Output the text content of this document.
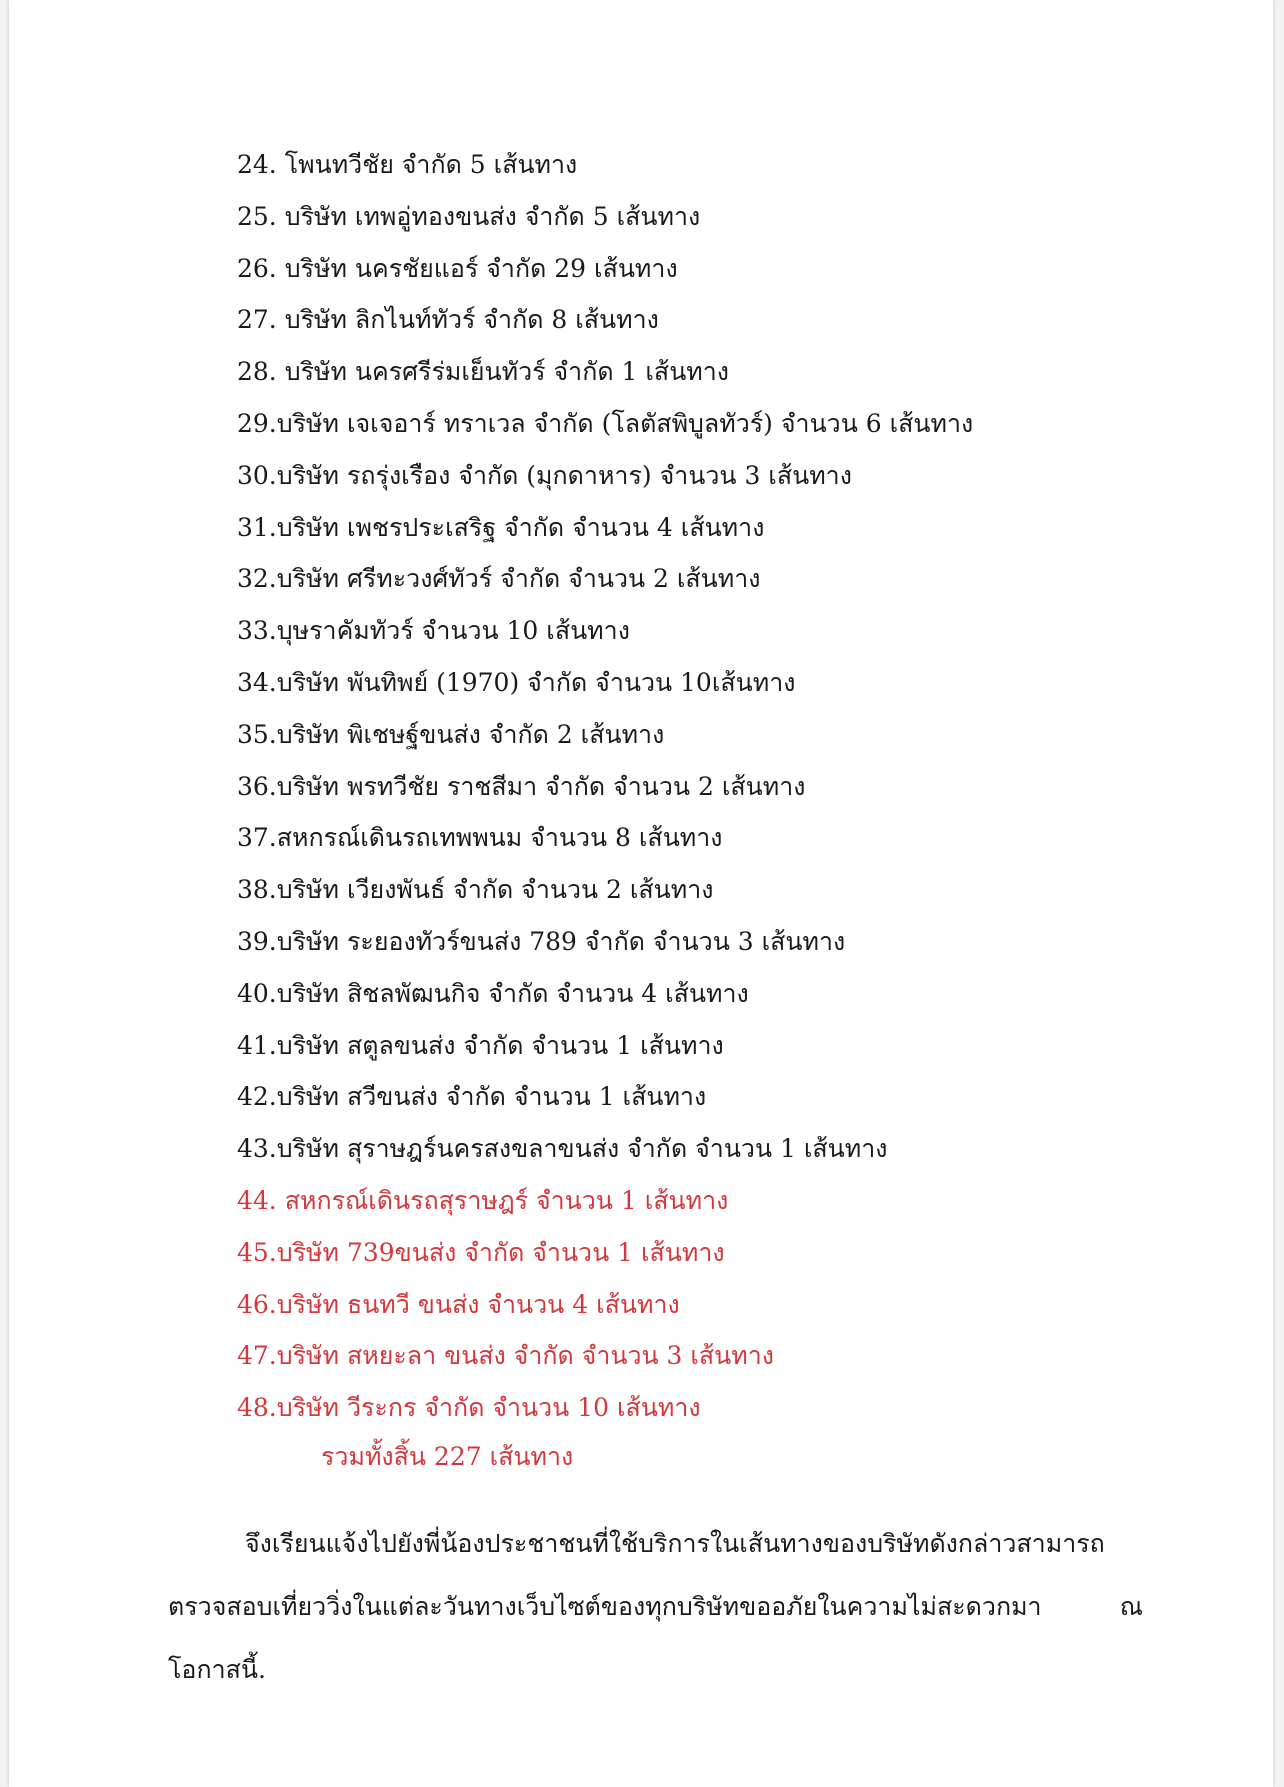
24. โพนทวีชัย จำกัด 5 เส้นทาง
25. บริษัท เทพอู่ทองขนส่ง จำกัด 5 เส้นทาง
26. บริษัท นครชัยแอร์ จำกัด 29 เส้นทาง
27. บริษัท ลิกไนท์ทัวร์ จำกัด 8 เส้นทาง
28. บริษัท นครศรีร่มเย็นทัวร์ จำกัด 1 เส้นทาง
29.บริษัท เจเจอาร์ ทราเวล จำกัด (โลตัสพิบูลทัวร์) จำนวน 6 เส้นทาง
30.บริษัท รถรุ่งเรือง จำกัด (มุกดาหาร) จำนวน 3 เส้นทาง
31.บริษัท เพชรประเสริฐ จำกัด จำนวน 4 เส้นทาง
32.บริษัท ศรีทะวงศ์ทัวร์ จำกัด จำนวน 2 เส้นทาง
33.บุษราคัมทัวร์ จำนวน 10 เส้นทาง
34.บริษัท พันทิพย์ (1970) จำกัด จำนวน 10เส้นทาง
35.บริษัท พิเชษฐ์ขนส่ง จำกัด 2 เส้นทาง
36.บริษัท พรทวีชัย ราชสีมา จำกัด จำนวน 2 เส้นทาง
37.สหกรณ์เดินรถเทพพนม จำนวน 8 เส้นทาง
38.บริษัท เวียงพันธ์ จำกัด จำนวน 2 เส้นทาง
39.บริษัท ระยองทัวร์ขนส่ง 789 จำกัด จำนวน 3 เส้นทาง
40.บริษัท สิชลพัฒนกิจ จำกัด จำนวน 4 เส้นทาง
41.บริษัท สตูลขนส่ง จำกัด จำนวน 1 เส้นทาง
42.บริษัท สวีขนส่ง จำกัด จำนวน 1 เส้นทาง
43.บริษัท สุราษฎร์นครสงขลาขนส่ง จำกัด จำนวน 1 เส้นทาง
44. สหกรณ์เดินรถสุราษฎร์ จำนวน 1 เส้นทาง
45.บริษัท 739ขนส่ง จำกัด จำนวน 1 เส้นทาง
46.บริษัท ธนทวี ขนส่ง จำนวน 4 เส้นทาง
47.บริษัท สหยะลา ขนส่ง จำกัด จำนวน 3 เส้นทาง
48.บริษัท วีระกร จำกัด จำนวน 10 เส้นทาง
รวมทั้งสิ้น 227 เส้นทาง

จึงเรียนแจ้งไปยังพี่น้องประชาชนที่ใช้บริการในเส้นทางของบริษัทดังกล่าวสามารถตรวจสอบเที่ยววิ่งในแต่ละวันทางเว็บไซต์ของทุกบริษัทขออภัยในความไม่สะดวกมา ณ โอกาสนี้.
